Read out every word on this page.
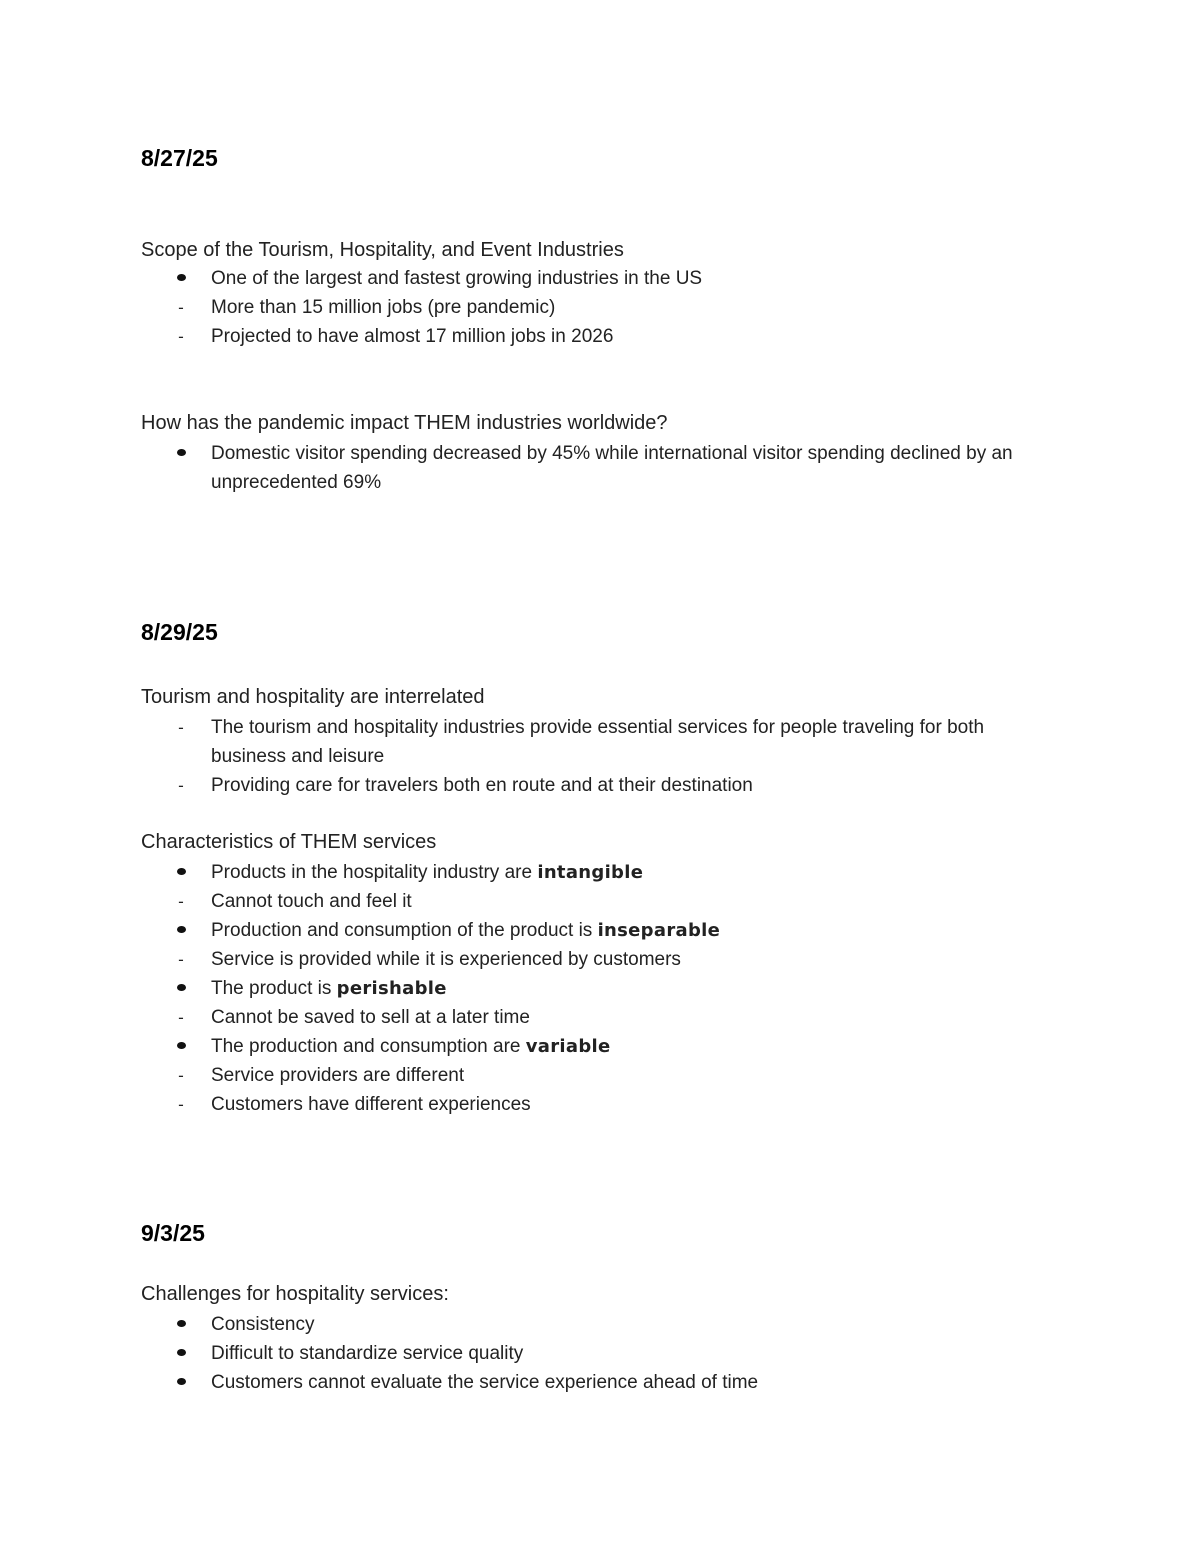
8/27/25

Scope of the Tourism, Hospitality, and Event Industries

One of the largest and fastest growing industries in the US
- More than 15 million jobs (pre pandemic)
- Projected to have almost 17 million jobs in 2026

How has the pandemic impact THEM industries worldwide?

Domestic visitor spending decreased by 45% while international visitor spending declined by an unprecedented 69%
8/29/25

Tourism and hospitality are interrelated

- The tourism and hospitality industries provide essential services for people traveling for both business and leisure
- Providing care for travelers both en route and at their destination

Characteristics of THEM services

Products in the hospitality industry are intangible
- Cannot touch and feel it
Production and consumption of the product is inseparable
- Service is provided while it is experienced by customers
The product is perishable
- Cannot be saved to sell at a later time
The production and consumption are variable
- Service providers are different
- Customers have different experiences
9/3/25

Challenges for hospitality services:

Consistency
Difficult to standardize service quality
Customers cannot evaluate the service experience ahead of time
